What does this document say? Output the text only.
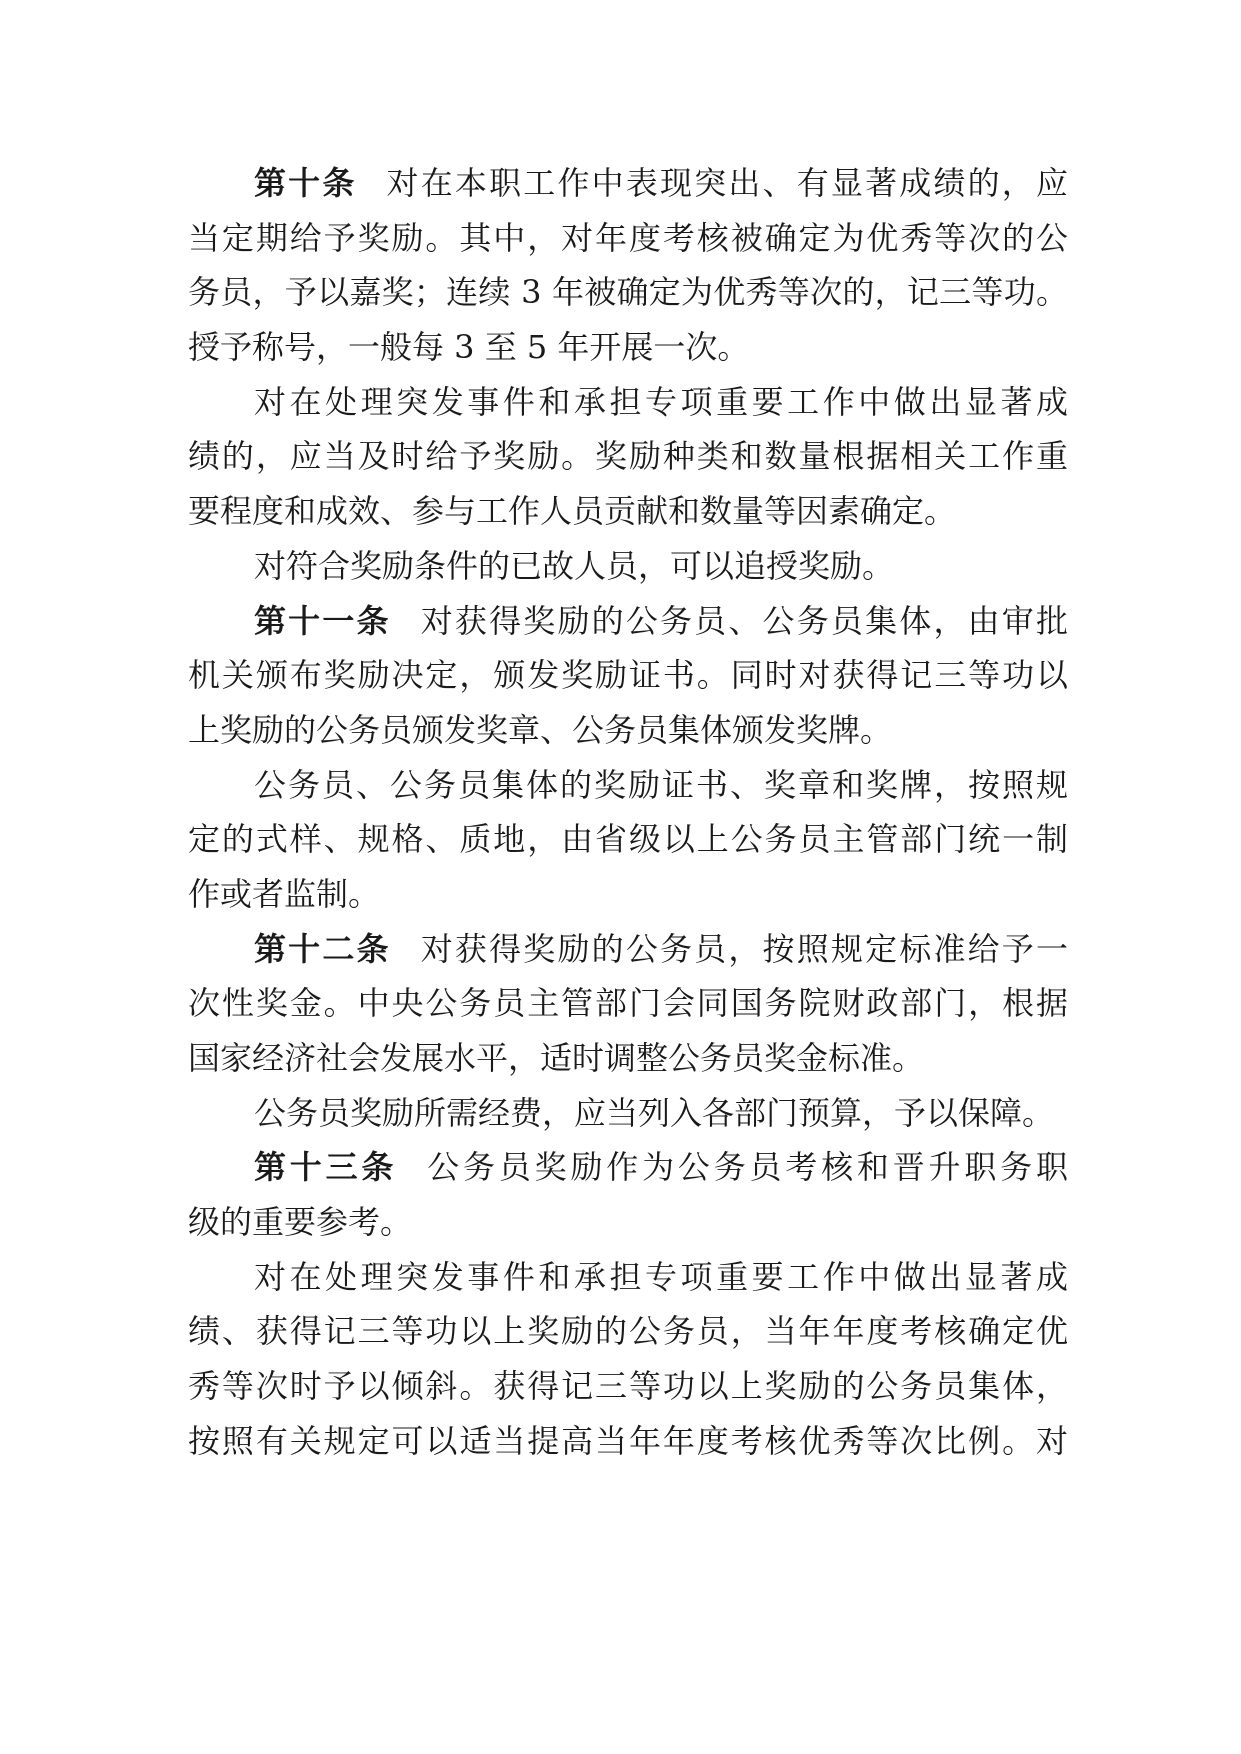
第十条 对在本职工作中表现突出、有显著成绩的，应
当定期给予奖励。其中，对年度考核被确定为优秀等次的公
务员，予以嘉奖；连续 3 年被确定为优秀等次的，记三等功。
授予称号，一般每 3 至 5 年开展一次。
对在处理突发事件和承担专项重要工作中做出显著成
绩的，应当及时给予奖励。奖励种类和数量根据相关工作重
要程度和成效、参与工作人员贡献和数量等因素确定。
对符合奖励条件的已故人员，可以追授奖励。
第十一条 对获得奖励的公务员、公务员集体，由审批
机关颁布奖励决定，颁发奖励证书。同时对获得记三等功以
上奖励的公务员颁发奖章、公务员集体颁发奖牌。
公务员、公务员集体的奖励证书、奖章和奖牌，按照规
定的式样、规格、质地，由省级以上公务员主管部门统一制
作或者监制。
第十二条 对获得奖励的公务员，按照规定标准给予一
次性奖金。中央公务员主管部门会同国务院财政部门，根据
国家经济社会发展水平，适时调整公务员奖金标准。
公务员奖励所需经费，应当列入各部门预算，予以保障。
第十三条 公务员奖励作为公务员考核和晋升职务职
级的重要参考。
对在处理突发事件和承担专项重要工作中做出显著成
绩、获得记三等功以上奖励的公务员，当年年度考核确定优
秀等次时予以倾斜。获得记三等功以上奖励的公务员集体，
按照有关规定可以适当提高当年年度考核优秀等次比例。对
